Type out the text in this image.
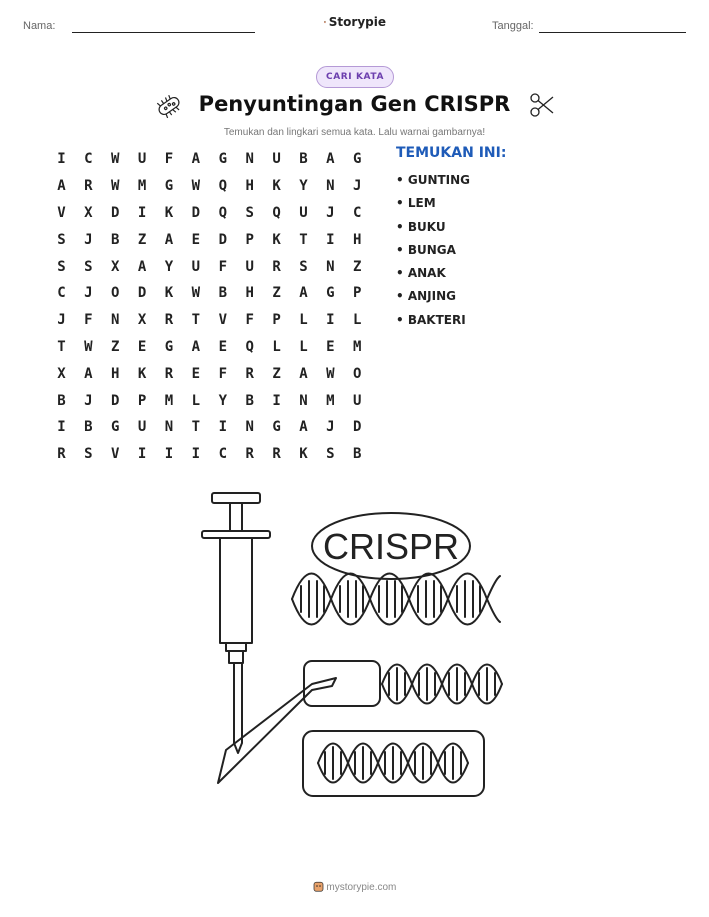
Nama:	Storypie	Tanggal:
CARI KATA
Penyuntingan Gen CRISPR
Temukan dan lingkari semua kata. Lalu warnai gambarnya!
I	C	W	U	F	A	G	N	U	B	A	G
A	R	W	M	G	W	Q	H	K	Y	N	J
V	X	D	I	K	D	Q	S	Q	U	J	C
S	J	B	Z	A	E	D	P	K	T	I	H
S	S	X	A	Y	U	F	U	R	S	N	Z
C	J	O	D	K	W	B	H	Z	A	G	P
J	F	N	X	R	T	V	F	P	L	I	L
T	W	Z	E	G	A	E	Q	L	L	E	M
X	A	H	K	R	E	F	R	Z	A	W	O
B	J	D	P	M	L	Y	B	I	N	M	U
I	B	G	U	N	T	I	N	G	A	J	D
R	S	V	I	I	I	C	R	R	K	S	B
TEMUKAN INI:
• GUNTING
• LEM
• BUKU
• BUNGA
• ANAK
• ANJING
• BAKTERI
CRISPR
mystorypie.com
